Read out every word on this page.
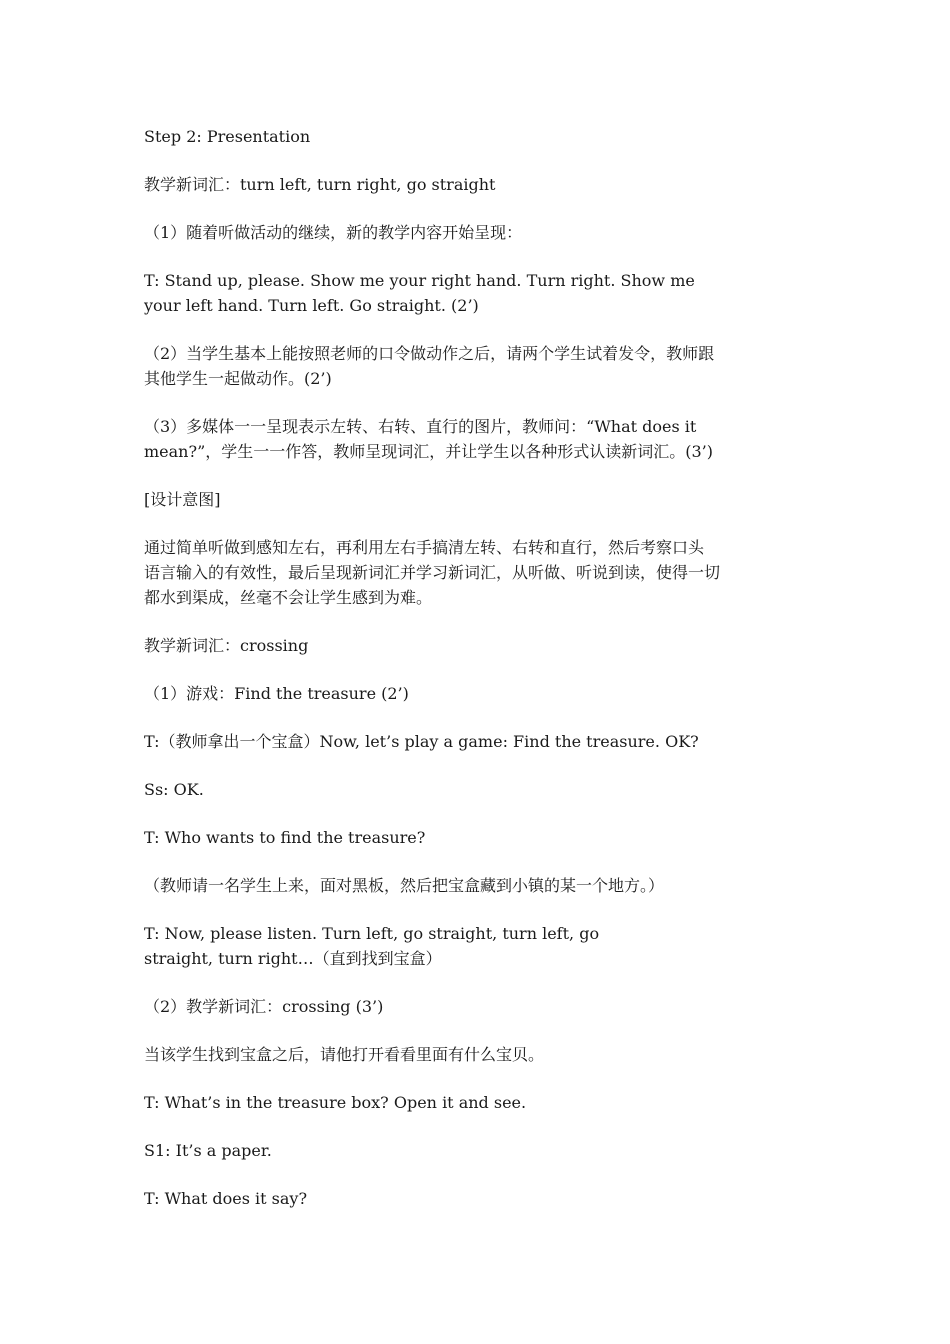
Step 2: Presentation

教学新词汇：turn left, turn right, go straight

（1）随着听做活动的继续，新的教学内容开始呈现：

T: Stand up, please. Show me your right hand. Turn right. Show me
your left hand. Turn left. Go straight. (2’)

（2）当学生基本上能按照老师的口令做动作之后，请两个学生试着发令，教师跟
其他学生一起做动作。(2’)

（3）多媒体一一呈现表示左转、右转、直行的图片，教师问：“What does it
mean?”，学生一一作答，教师呈现词汇，并让学生以各种形式认读新词汇。(3’)

[设计意图]

通过简单听做到感知左右，再利用左右手搞清左转、右转和直行，然后考察口头
语言输入的有效性，最后呈现新词汇并学习新词汇，从听做、听说到读，使得一切
都水到渠成，丝毫不会让学生感到为难。

教学新词汇：crossing

（1）游戏：Find the treasure (2’)

T:（教师拿出一个宝盒）Now, let’s play a game: Find the treasure. OK?

Ss: OK.

T: Who wants to find the treasure?

（教师请一名学生上来，面对黑板，然后把宝盒藏到小镇的某一个地方。）

T: Now, please listen. Turn left, go straight, turn left, go
straight, turn right…（直到找到宝盒）

（2）教学新词汇：crossing (3’)

当该学生找到宝盒之后，请他打开看看里面有什么宝贝。

T: What’s in the treasure box? Open it and see.

S1: It’s a paper.

T: What does it say?
